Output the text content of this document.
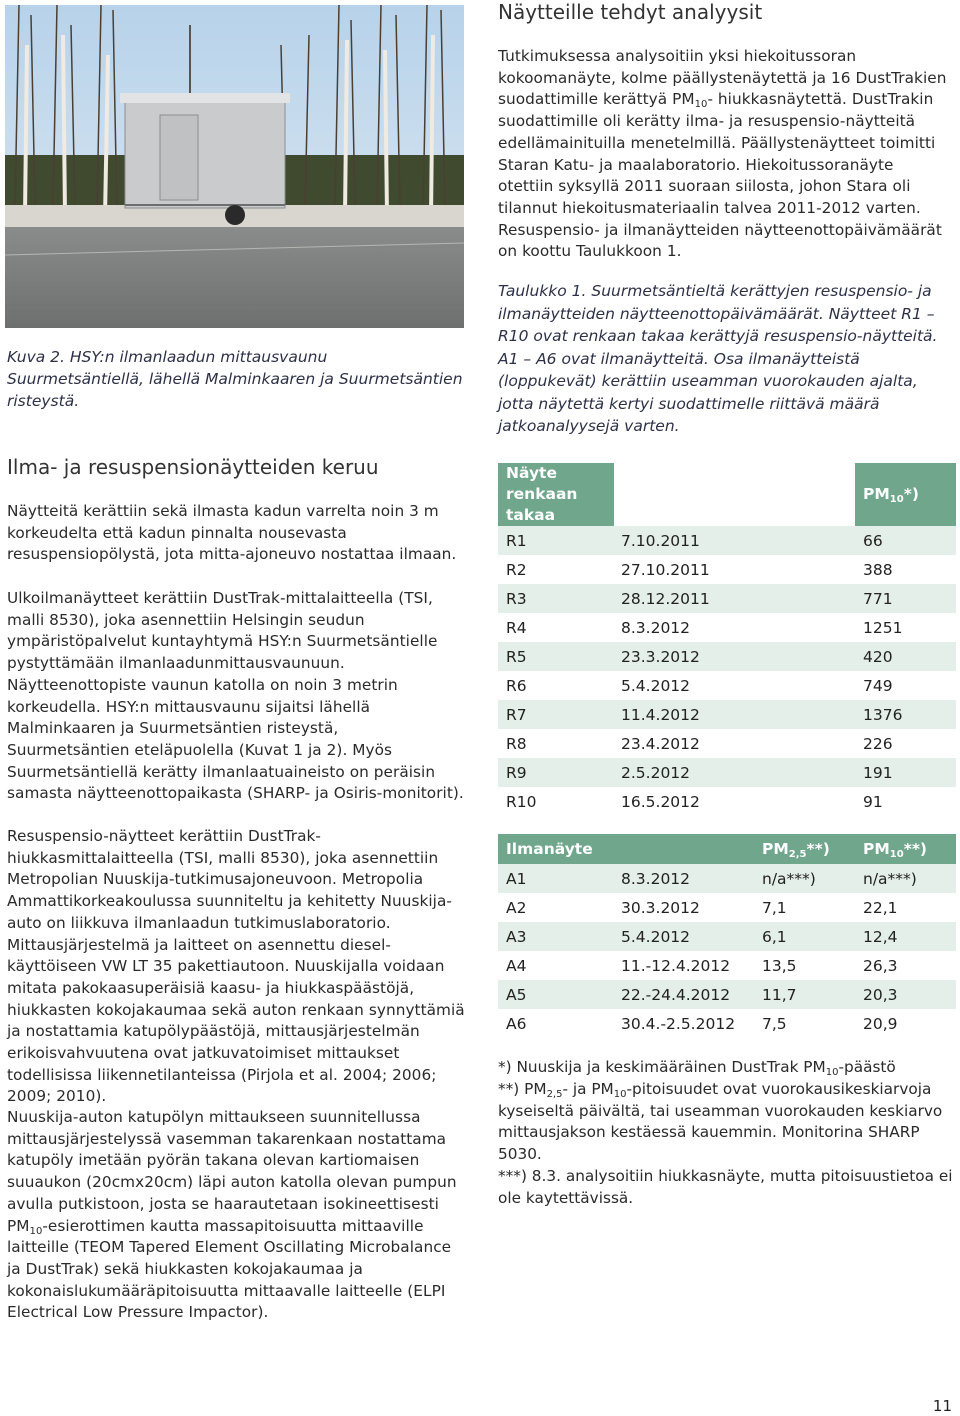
Kuva 2. HSY:n ilmanlaadun mittausvaunu Suurmetsäntiellä, lähellä Malminkaaren ja Suurmetsäntien risteystä.
Ilma- ja resuspensionäytteiden keruu

Näytteitä kerättiin sekä ilmasta kadun varrelta noin 3 m korkeudelta että kadun pinnalta nousevasta resuspensiopölystä, jota mitta-ajoneuvo nostattaa ilmaan.

Ulkoilmanäytteet kerättiin DustTrak-mittalaitteella (TSI, malli 8530), joka asennettiin Helsingin seudun ympäristöpalvelut kuntayhtymä HSY:n Suurmetsäntielle pystyttämään ilmanlaadunmittausvaunuun. Näytteenottopiste vaunun katolla on noin 3 metrin korkeudella. HSY:n mittausvaunu sijaitsi lähellä Malminkaaren ja Suurmetsäntien risteystä, Suurmetsäntien eteläpuolella (Kuvat 1 ja 2). Myös Suurmetsäntiellä kerätty ilmanlaatuaineisto on peräisin samasta näytteenottopaikasta (SHARP- ja Osiris-monitorit).

Resuspensio-näytteet kerättiin DustTrak-hiukkasmittalaitteella (TSI, malli 8530), joka asennettiin Metropolian Nuuskija-tutkimusajoneuvoon. Metropolia Ammattikorkeakoulussa suunniteltu ja kehitetty Nuuskija-auto on liikkuva ilmanlaadun tutkimuslaboratorio. Mittausjärjestelmä ja laitteet on asennettu diesel-käyttöiseen VW LT 35 pakettiautoon. Nuuskijalla voidaan mitata pakokaasuperäisiä kaasu- ja hiukkaspäästöjä, hiukkasten kokojakaumaa sekä auton renkaan synnyttämiä ja nostattamia katupölypäästöjä, mittausjärjestelmän erikoisvahvuutena ovat jatkuvatoimiset mittaukset todellisissa liikennetilanteissa (Pirjola et al. 2004; 2006; 2009; 2010).

Nuuskija-auton katupölyn mittaukseen suunnitellussa mittausjärjestelyssä vasemman takarenkaan nostattama katupöly imetään pyörän takana olevan kartiomaisen suuaukon (20cmx20cm) läpi auton katolla olevan pumpun avulla putkistoon, josta se haarautetaan isokineettisesti $PM_{10}$-esierottimen kautta massapitoisuutta mittaaville laitteille (TEOM Tapered Element Oscillating Microbalance ja DustTrak) sekä hiukkasten kokojakaumaa ja kokonaislukumääräpitoisuutta mittaavalle laitteelle (ELPI Electrical Low Pressure Impactor).

Näytteille tehdyt analyysit

Tutkimuksessa analysoitiin yksi hiekoitussoran kokoomanäyte, kolme päällystenäytettä ja 16 DustTrakien suodattimille kerättyä $PM_{10}-$ hiukkasnäytettä. DustTrakin suodattimille oli kerätty ilma- ja resuspensio-näytteitä edellämainituilla menetelmillä. Päällystenäytteet toimitti Staran Katu- ja maalaboratorio. Hiekoitussoranäyte otettiin syksyllä 2011 suoraan siilosta, johon Stara oli tilannut hiekoitusmateriaalin talvea 2011-2012 varten. Resuspensio- ja ilmanäytteiden näytteenottopäivämäärät on koottu Taulukkoon 1.

Taulukko 1. Suurmetsäntieltä kerättyjen resuspensio- ja ilmanäytteiden näytteenottopäivämäärät. Näytteet R1 – R10 ovat renkaan takaa kerättyjä resuspensio-näytteitä. A1 – A6 ovat ilmanäytteitä. Osa ilmanäytteistä (loppukevät) kerättiin useamman vuorokauden ajalta, jotta näytettä kertyi suodattimelle riittävä määrä jatkoanalyysejä varten.

Näyte renkaan takaa		$PM_{10}*$)
R1	7.10.2011	66
R2	27.10.2011	388
R3	28.12.2011	771
R4	8.3.2012	1251
R5	23.3.2012	420
R6	5.4.2012	749
R7	11.4.2012	1376
R8	23.4.2012	226
R9	2.5.2012	191
R10	16.5.2012	91
Ilmanäyte		$PM_{2,5}**$)	$PM_{10}**$)
A1	8.3.2012	n/a***)	n/a***)
A2	30.3.2012	7,1	22,1
A3	5.4.2012	6,1	12,4
A4	11.-12.4.2012	13,5	26,3
A5	22.-24.4.2012	11,7	20,3
A6	30.4.-2.5.2012	7,5	20,9
*) Nuuskija ja keskimääräinen DustTrak $PM_{10}$-päästö
**) $PM_{2,5}-$ ja $PM_{10}$-pitoisuudet ovat vuorokausikeskiarvoja kyseiseltä päivältä, tai useamman vuorokauden keskiarvo mittausjakson kestäessä kauemmin. Monitorina SHARP 5030.
***) 8.3. analysoitiin hiukkasnäyte, mutta pitoisuustietoa ei ole kaytettävissä.
11
